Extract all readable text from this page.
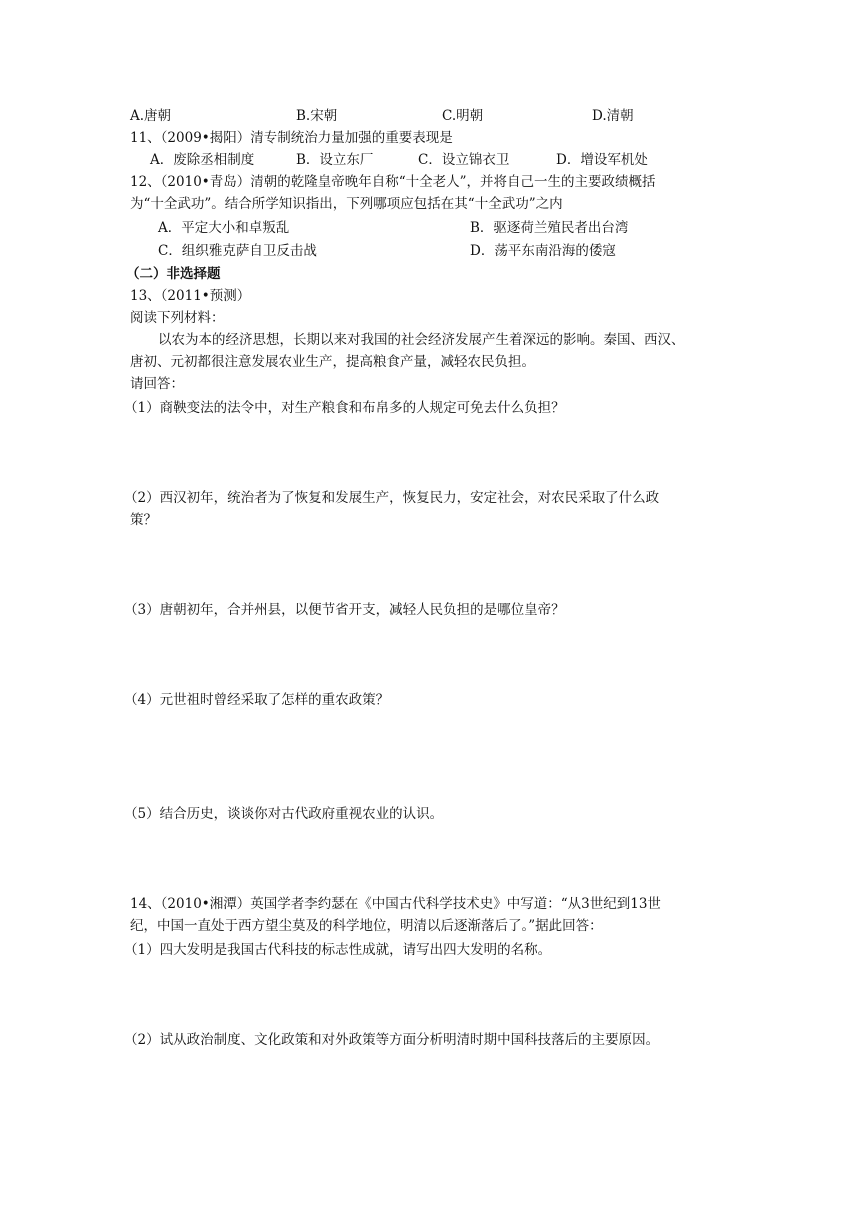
A.唐朝	B.宋朝	C.明朝	D.清朝
11、（2009•揭阳）清专制统治力量加强的重要表现是
A．废除丞相制度	B．设立东厂	C．设立锦衣卫	D．增设军机处
12、（2010•青岛）清朝的乾隆皇帝晚年自称“十全老人”，并将自己一生的主要政绩概括
为“十全武功”。结合所学知识指出，下列哪项应包括在其“十全武功”之内
A．平定大小和卓叛乱	B．驱逐荷兰殖民者出台湾
C．组织雅克萨自卫反击战	D．荡平东南沿海的倭寇
（二）非选择题
13、（2011•预测）
阅读下列材料：
以农为本的经济思想，长期以来对我国的社会经济发展产生着深远的影响。秦国、西汉、
唐初、元初都很注意发展农业生产，提高粮食产量，减轻农民负担。
请回答：
（1）商鞅变法的法令中，对生产粮食和布帛多的人规定可免去什么负担？
（2）西汉初年，统治者为了恢复和发展生产，恢复民力，安定社会，对农民采取了什么政
策？
（3）唐朝初年，合并州县，以便节省开支，减轻人民负担的是哪位皇帝？
（4）元世祖时曾经采取了怎样的重农政策？
（5）结合历史，谈谈你对古代政府重视农业的认识。
14、（2010•湘潭）英国学者李约瑟在《中国古代科学技术史》中写道：“从3世纪到13世
纪，中国一直处于西方望尘莫及的科学地位，明清以后逐渐落后了。”据此回答：
（1）四大发明是我国古代科技的标志性成就，请写出四大发明的名称。
（2）试从政治制度、文化政策和对外政策等方面分析明清时期中国科技落后的主要原因。
